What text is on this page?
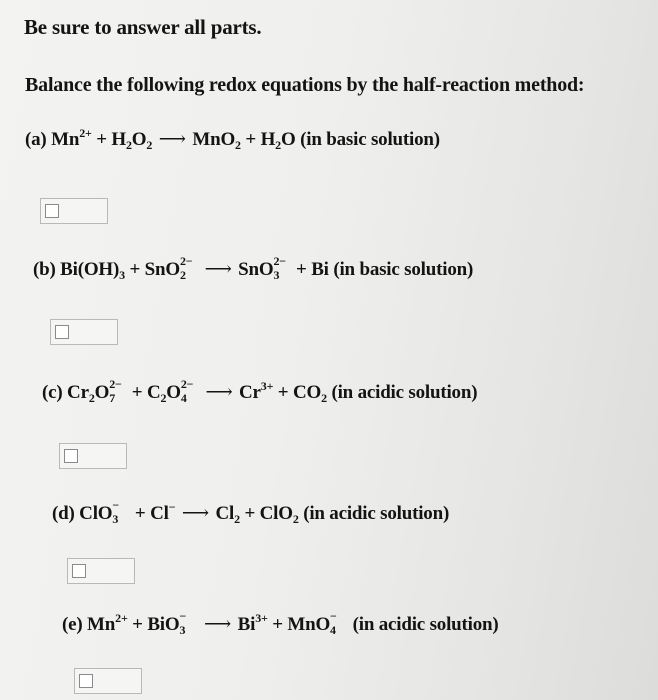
Be sure to answer all parts.
Balance the following redox equations by the half-reaction method:
(a) $Mn^{2+} + H_2O_2$ ⟶ $MnO_2 + H_2O$ (in basic solution)
(b) $Bi(OH)_3$ + SnO 2−
2 ⟶ SnO 2−
3 + Bi (in basic solution)
(c) $Cr_2O$ 2−
$7 + C_2O$ 2−
4 ⟶ $Cr^{3+} + CO_2$ (in acidic solution)
(d) ClO −
3 + Cl− ⟶ $Cl_2 + ClO_2$ (in acidic solution)
(e) $Mn^{2+}$ + BiO −
3 ⟶ $Bi^{3+}$ + MnO −
4 (in acidic solution)
